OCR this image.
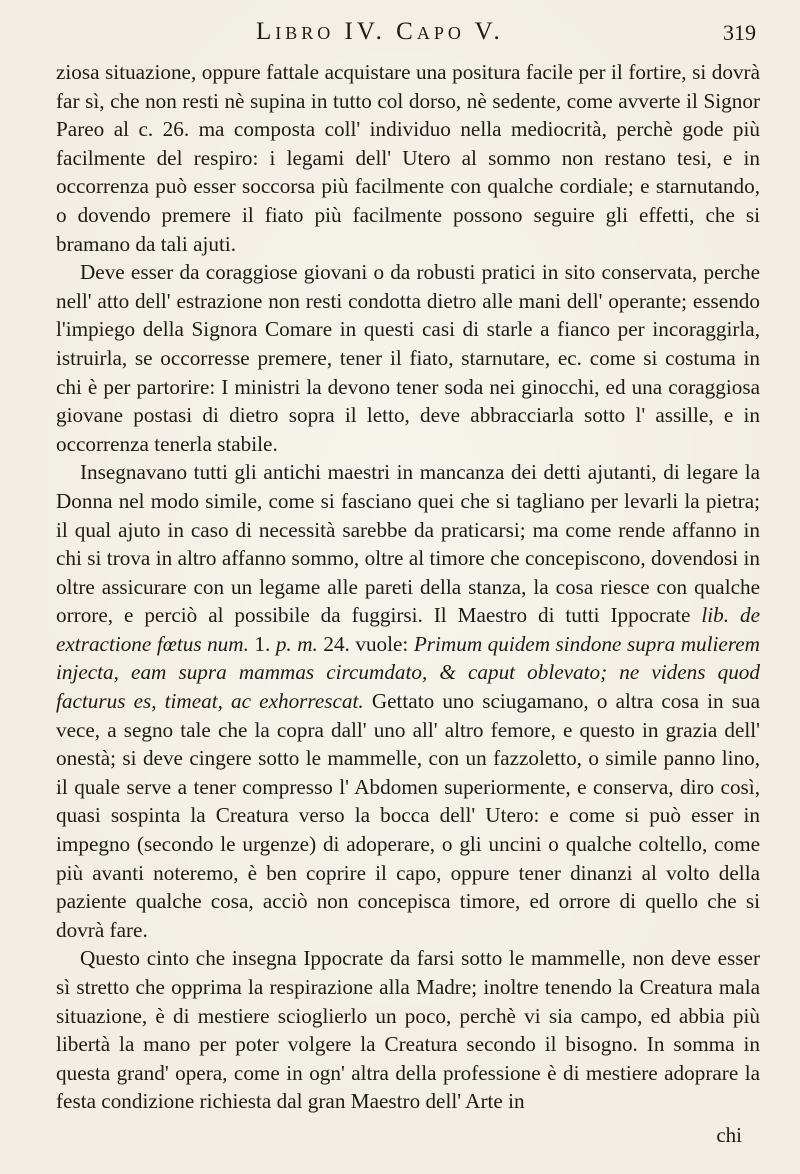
Libro IV. Capo V.	319

ziosa situazione, oppure fattale acquistare una positura facile per il fortire, si dovrà far sì, che non resti nè supina in tutto col dorso, nè sedente, come avverte il Signor Pareo al c. 26. ma composta coll' individuo nella mediocrità, perchè gode più facilmente del respiro: i legami dell' Utero al sommo non restano tesi, e in occorrenza può esser soccorsa più facilmente con qualche cordiale; e starnutando, o dovendo premere il fiato più facilmente possono seguire gli effetti, che si bramano da tali ajuti.

Deve esser da coraggiose giovani o da robusti pratici in sito conservata, perche nell' atto dell' estrazione non resti condotta dietro alle mani dell' operante; essendo l'impiego della Signora Comare in questi casi di starle a fianco per incoraggirla, istruirla, se occorresse premere, tener il fiato, starnutare, ec. come si costuma in chi è per partorire: I ministri la devono tener soda nei ginocchi, ed una coraggiosa giovane postasi di dietro sopra il letto, deve abbracciarla sotto l' assille, e in occorrenza tenerla stabile.

Insegnavano tutti gli antichi maestri in mancanza dei detti ajutanti, di legare la Donna nel modo simile, come si fasciano quei che si tagliano per levarli la pietra; il qual ajuto in caso di necessità sarebbe da praticarsi; ma come rende affanno in chi si trova in altro affanno sommo, oltre al timore che concepiscono, dovendosi in oltre assicurare con un legame alle pareti della stanza, la cosa riesce con qualche orrore, e perciò al possibile da fuggirsi. Il Maestro di tutti Ippocrate lib. de extractione fœtus num. 1. p. m. 24. vuole: Primum quidem sindone supra mulierem injecta, eam supra mammas circumdato, & caput oblevato; ne videns quod facturus es, timeat, ac exhorrescat. Gettato uno sciugamano, o altra cosa in sua vece, a segno tale che la copra dall' uno all' altro femore, e questo in grazia dell' onestà; si deve cingere sotto le mammelle, con un fazzoletto, o simile panno lino, il quale serve a tener compresso l' Abdomen superiormente, e conserva, diro così, quasi sospinta la Creatura verso la bocca dell' Utero: e come si può esser in impegno (secondo le urgenze) di adoperare, o gli uncini o qualche coltello, come più avanti noteremo, è ben coprire il capo, oppure tener dinanzi al volto della paziente qualche cosa, acciò non concepisca timore, ed orrore di quello che si dovrà fare.

Questo cinto che insegna Ippocrate da farsi sotto le mammelle, non deve esser sì stretto che opprima la respirazione alla Madre; inoltre tenendo la Creatura mala situazione, è di mestiere scioglierlo un poco, perchè vi sia campo, ed abbia più libertà la mano per poter volgere la Creatura secondo il bisogno. In somma in questa grand' opera, come in ogn' altra della professione è di mestiere adoprare la festa condizione richiesta dal gran Maestro dell' Arte in

chi
